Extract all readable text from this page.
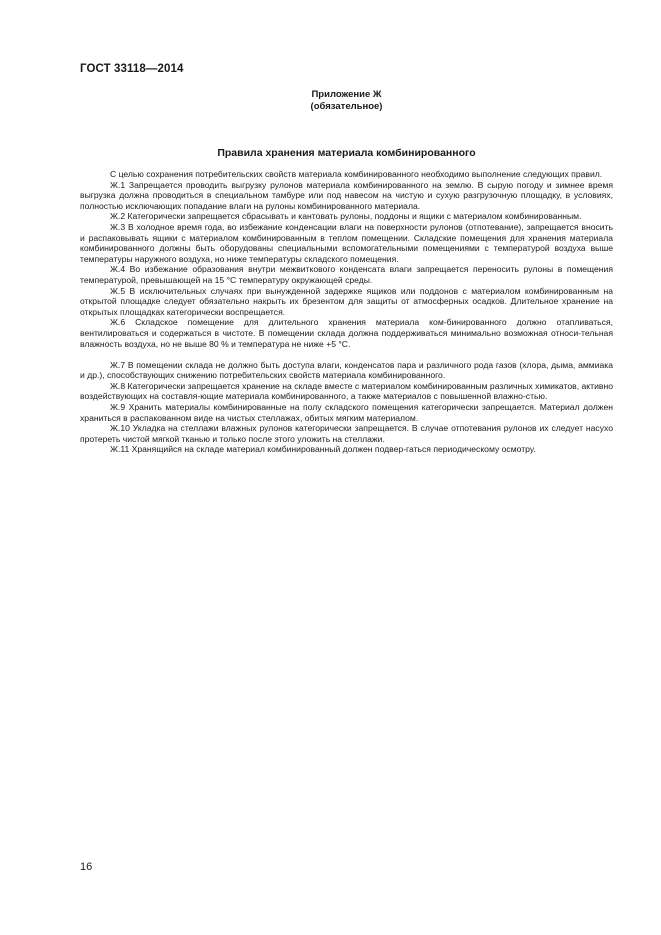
ГОСТ 33118—2014
Приложение Ж
(обязательное)
Правила хранения материала комбинированного

С целью сохранения потребительских свойств материала комбинированного необходимо выполнение следующих правил.

Ж.1 Запрещается проводить выгрузку рулонов материала комбинированного на землю. В сырую погоду и зимнее время выгрузка должна проводиться в специальном тамбуре или под навесом на чистую и сухую разгрузочную площадку, в условиях, полностью исключающих попадание влаги на рулоны комбинированного материала.

Ж.2 Категорически запрещается сбрасывать и кантовать рулоны, поддоны и ящики с материалом комбинированным.

Ж.3 В холодное время года, во избежание конденсации влаги на поверхности рулонов (отпотевание), запрещается вносить и распаковывать ящики с материалом комбинированным в теплом помещении. Складские помещения для хранения материала комбинированного должны быть оборудованы специальными вспомогательными помещениями с температурой воздуха выше температуры наружного воздуха, но ниже температуры складского помещения.

Ж.4 Во избежание образования внутри межвиткового конденсата влаги запрещается переносить рулоны в помещения температурой, превышающей на 15 °С температуру окружающей среды.

Ж.5 В исключительных случаях при вынужденной задержке ящиков или поддонов с материалом комбинированным на открытой площадке следует обязательно накрыть их брезентом для защиты от атмосферных осадков. Длительное хранение на открытых площадках категорически воспрещается.

Ж.6 Складское помещение для длительного хранения материала ком-бинированного должно отапливаться, вентилироваться и содержаться в чистоте. В помещении склада должна поддерживаться минимально возможная относи-тельная влажность воздуха, но не выше 80 % и температура не ниже +5 °С.

Ж.7 В помещении склада не должно быть доступа влаги, конденсатов пара и различного рода газов (хлора, дыма, аммиака и др.), способствующих снижению потребительских свойств материала комбинированного.

Ж.8 Категорически запрещается хранение на складе вместе с материалом комбинированным различных химикатов, активно воздействующих на составля-ющие материала комбинированного, а также материалов с повышенной влажно-стью.

Ж.9 Хранить материалы комбинированные на полу складского помещения категорически запрещается. Материал должен храниться в распакованном виде на чистых стеллажах, обитых мягким материалом.

Ж.10 Укладка на стеллажи влажных рулонов категорически запрещается. В случае отпотевания рулонов их следует насухо протереть чистой мягкой тканью и только после этого уложить на стеллажи.

Ж.11 Хранящийся на складе материал комбинированный должен подвер-гаться периодическому осмотру.

16
